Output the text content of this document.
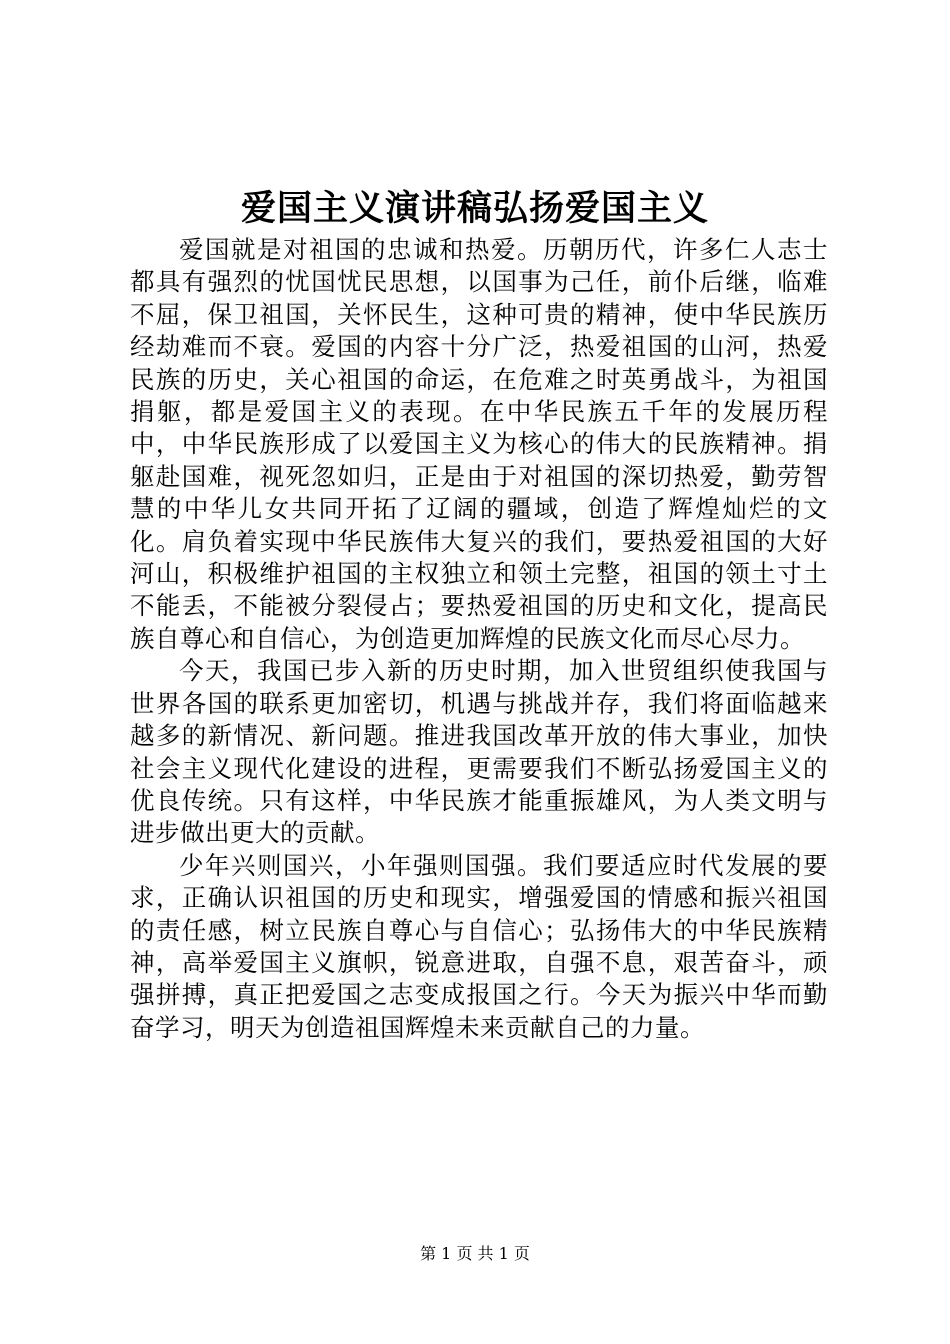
爱国主义演讲稿弘扬爱国主义

爱国就是对祖国的忠诚和热爱。历朝历代，许多仁人志士都具有强烈的忧国忧民思想，以国事为己任，前仆后继，临难不屈，保卫祖国，关怀民生，这种可贵的精神，使中华民族历经劫难而不衰。爱国的内容十分广泛，热爱祖国的山河，热爱民族的历史，关心祖国的命运，在危难之时英勇战斗，为祖国捐躯，都是爱国主义的表现。在中华民族五千年的发展历程中，中华民族形成了以爱国主义为核心的伟大的民族精神。捐躯赴国难，视死忽如归，正是由于对祖国的深切热爱，勤劳智慧的中华儿女共同开拓了辽阔的疆域，创造了辉煌灿烂的文化。肩负着实现中华民族伟大复兴的我们，要热爱祖国的大好河山，积极维护祖国的主权独立和领土完整，祖国的领土寸土不能丢，不能被分裂侵占；要热爱祖国的历史和文化，提高民族自尊心和自信心，为创造更加辉煌的民族文化而尽心尽力。

今天，我国已步入新的历史时期，加入世贸组织使我国与世界各国的联系更加密切，机遇与挑战并存，我们将面临越来越多的新情况、新问题。推进我国改革开放的伟大事业，加快社会主义现代化建设的进程，更需要我们不断弘扬爱国主义的优良传统。只有这样，中华民族才能重振雄风，为人类文明与进步做出更大的贡献。

少年兴则国兴，小年强则国强。我们要适应时代发展的要求，正确认识祖国的历史和现实，增强爱国的情感和振兴祖国的责任感，树立民族自尊心与自信心；弘扬伟大的中华民族精神，高举爱国主义旗帜，锐意进取，自强不息，艰苦奋斗，顽强拼搏，真正把爱国之志变成报国之行。今天为振兴中华而勤奋学习，明天为创造祖国辉煌未来贡献自己的力量。

第 1 页 共 1 页
